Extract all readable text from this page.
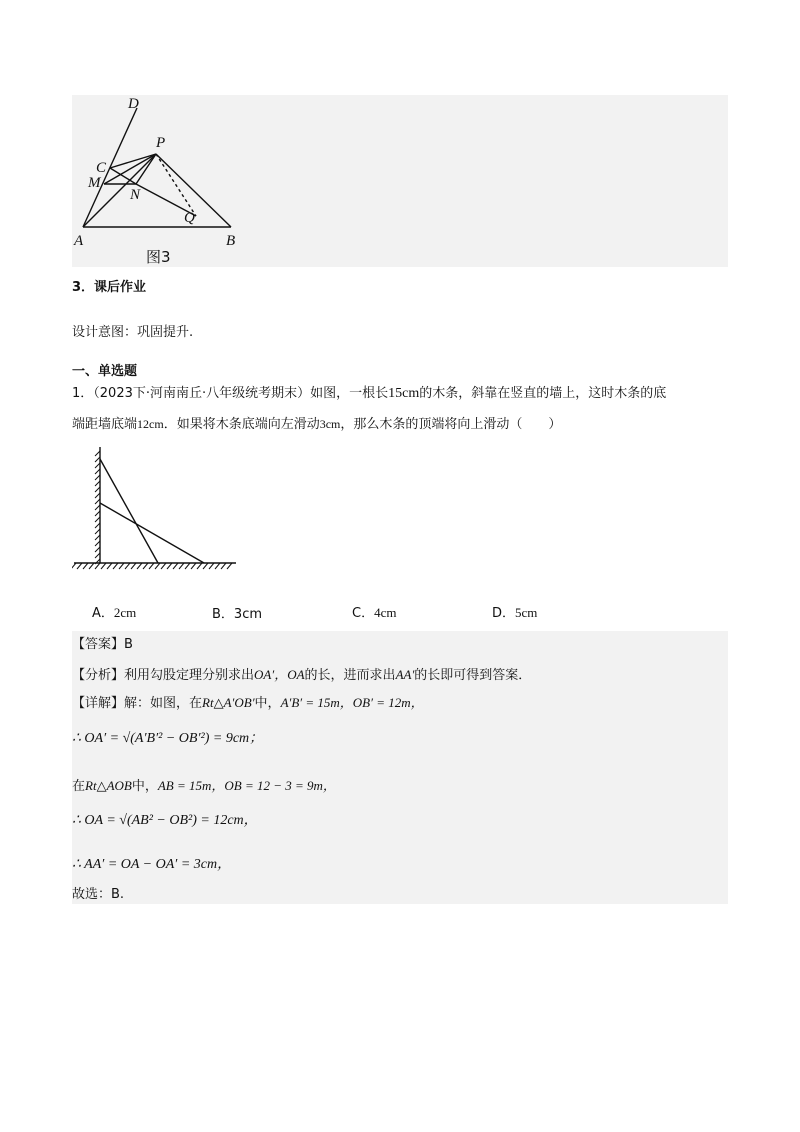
D
P
C
M
N
Q
A	B
图3
3．课后作业
设计意图：巩固提升.
一、单选题
1．（2023下·河南南丘·八年级统考期末）如图，一根长15cm的木条，斜靠在竖直的墙上，这时木条的底
端距墙底端12cm．如果将木条底端向左滑动3cm，那么木条的顶端将向上滑动（　　）
A．2cm	B．3cm	C．4cm	D．5cm
【答案】B
【分析】利用勾股定理分别求出OA′，OA的长，进而求出AA′的长即可得到答案．
【详解】解：如图，在Rt△A′OB′中，A′B′ = 15m，OB′ = 12m，
∴ OA′ = √(A′B′² − OB′²) = 9cm；
在Rt△AOB中，AB = 15m，OB = 12 − 3 = 9m，
∴ OA = √(AB² − OB²) = 12cm，
∴ AA′ = OA − OA′ = 3cm，
故选：B.
